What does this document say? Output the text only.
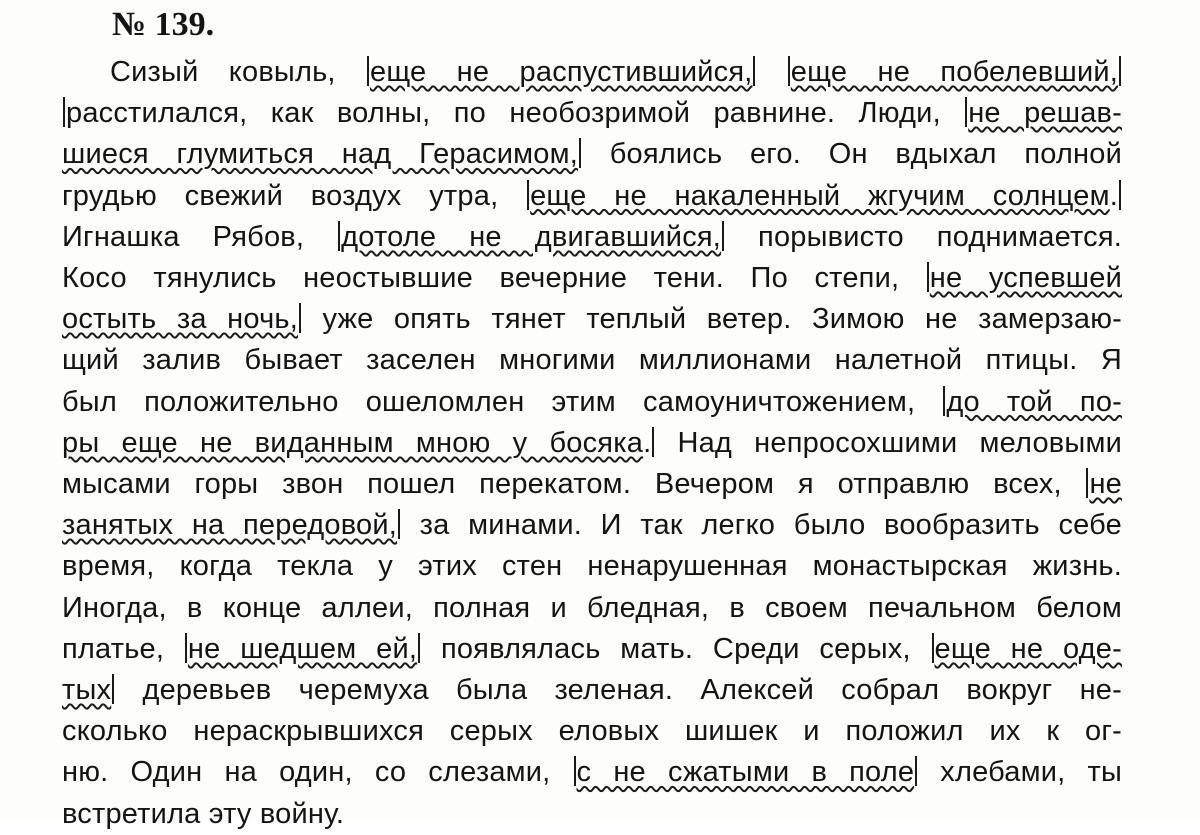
№ 139.
Сизый ковыль, еще не распустившийся, еще не побелевший,
расстилался, как волны, по необозримой равнине. Люди, не решав-
шиеся глумиться над Герасимом, боялись его. Он вдыхал полной
грудью свежий воздух утра, еще не накаленный жгучим солнцем.
Игнашка Рябов, дотоле не двигавшийся, порывисто поднимается.
Косо тянулись неостывшие вечерние тени. По степи, не успевшей
остыть за ночь, уже опять тянет теплый ветер. Зимою не замерзаю-
щий залив бывает заселен многими миллионами налетной птицы. Я
был положительно ошеломлен этим самоуничтожением, до той по-
ры еще не виданным мною у босяка. Над непросохшими меловыми
мысами горы звон пошел перекатом. Вечером я отправлю всех, не
занятых на передовой, за минами. И так легко было вообразить себе
время, когда текла у этих стен ненарушенная монастырская жизнь.
Иногда, в конце аллеи, полная и бледная, в своем печальном белом
платье, не шедшем ей, появлялась мать. Среди серых, еще не оде-
тых деревьев черемуха была зеленая. Алексей собрал вокруг не-
сколько нераскрывшихся серых еловых шишек и положил их к ог-
ню. Один на один, со слезами, с не сжатыми в поле хлебами, ты
встретила эту войну.
